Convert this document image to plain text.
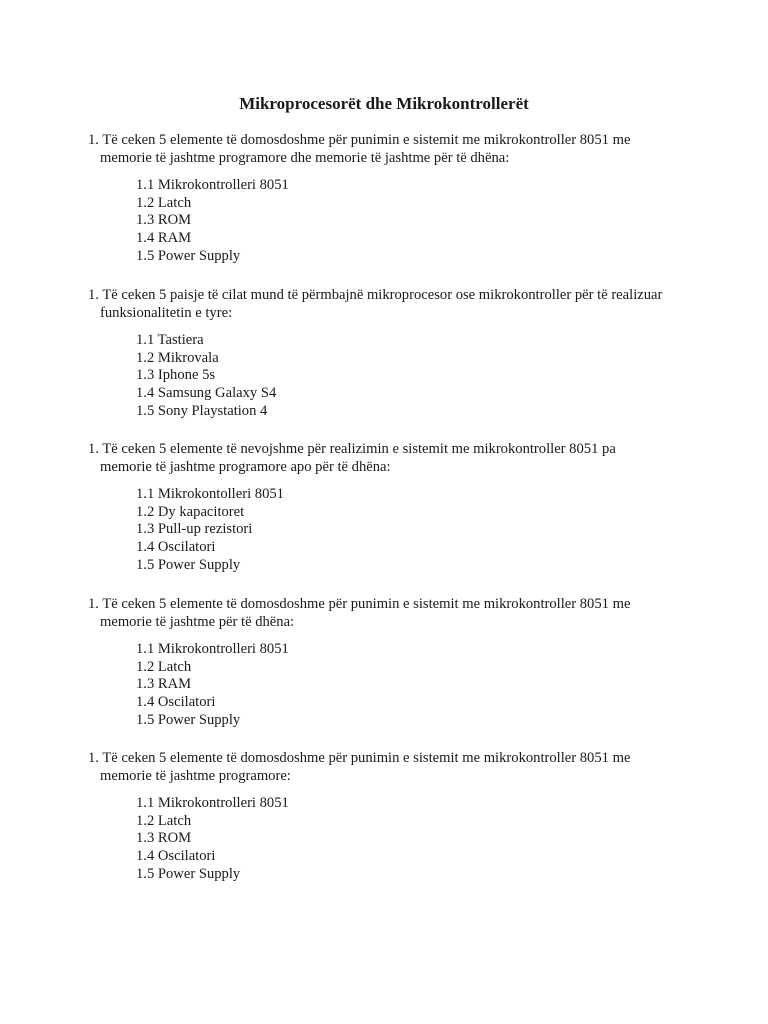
Mikroprocesorët dhe Mikrokontrollerët

1. Të ceken 5 elemente të domosdoshme për punimin e sistemit me mikrokontroller 8051 me memorie të jashtme programore dhe memorie të jashtme për të dhëna:

1.1 Mikrokontrolleri 8051
1.2 Latch
1.3 ROM
1.4 RAM
1.5 Power Supply

1. Të ceken 5 paisje të cilat mund të përmbajnë mikroprocesor ose mikrokontroller për të realizuar funksionalitetin e tyre:

1.1 Tastiera
1.2 Mikrovala
1.3 Iphone 5s
1.4 Samsung Galaxy S4
1.5 Sony Playstation 4

1. Të ceken 5 elemente të nevojshme për realizimin e sistemit me mikrokontroller 8051 pa memorie të jashtme programore apo për të dhëna:

1.1 Mikrokontolleri 8051
1.2 Dy kapacitoret
1.3 Pull-up rezistori
1.4 Oscilatori
1.5 Power Supply

1. Të ceken 5 elemente të domosdoshme për punimin e sistemit me mikrokontroller 8051 me memorie të jashtme për të dhëna:

1.1 Mikrokontrolleri 8051
1.2 Latch
1.3 RAM
1.4 Oscilatori
1.5 Power Supply

1. Të ceken 5 elemente të domosdoshme për punimin e sistemit me mikrokontroller 8051 me memorie të jashtme programore:

1.1 Mikrokontrolleri 8051
1.2 Latch
1.3 ROM
1.4 Oscilatori
1.5 Power Supply
